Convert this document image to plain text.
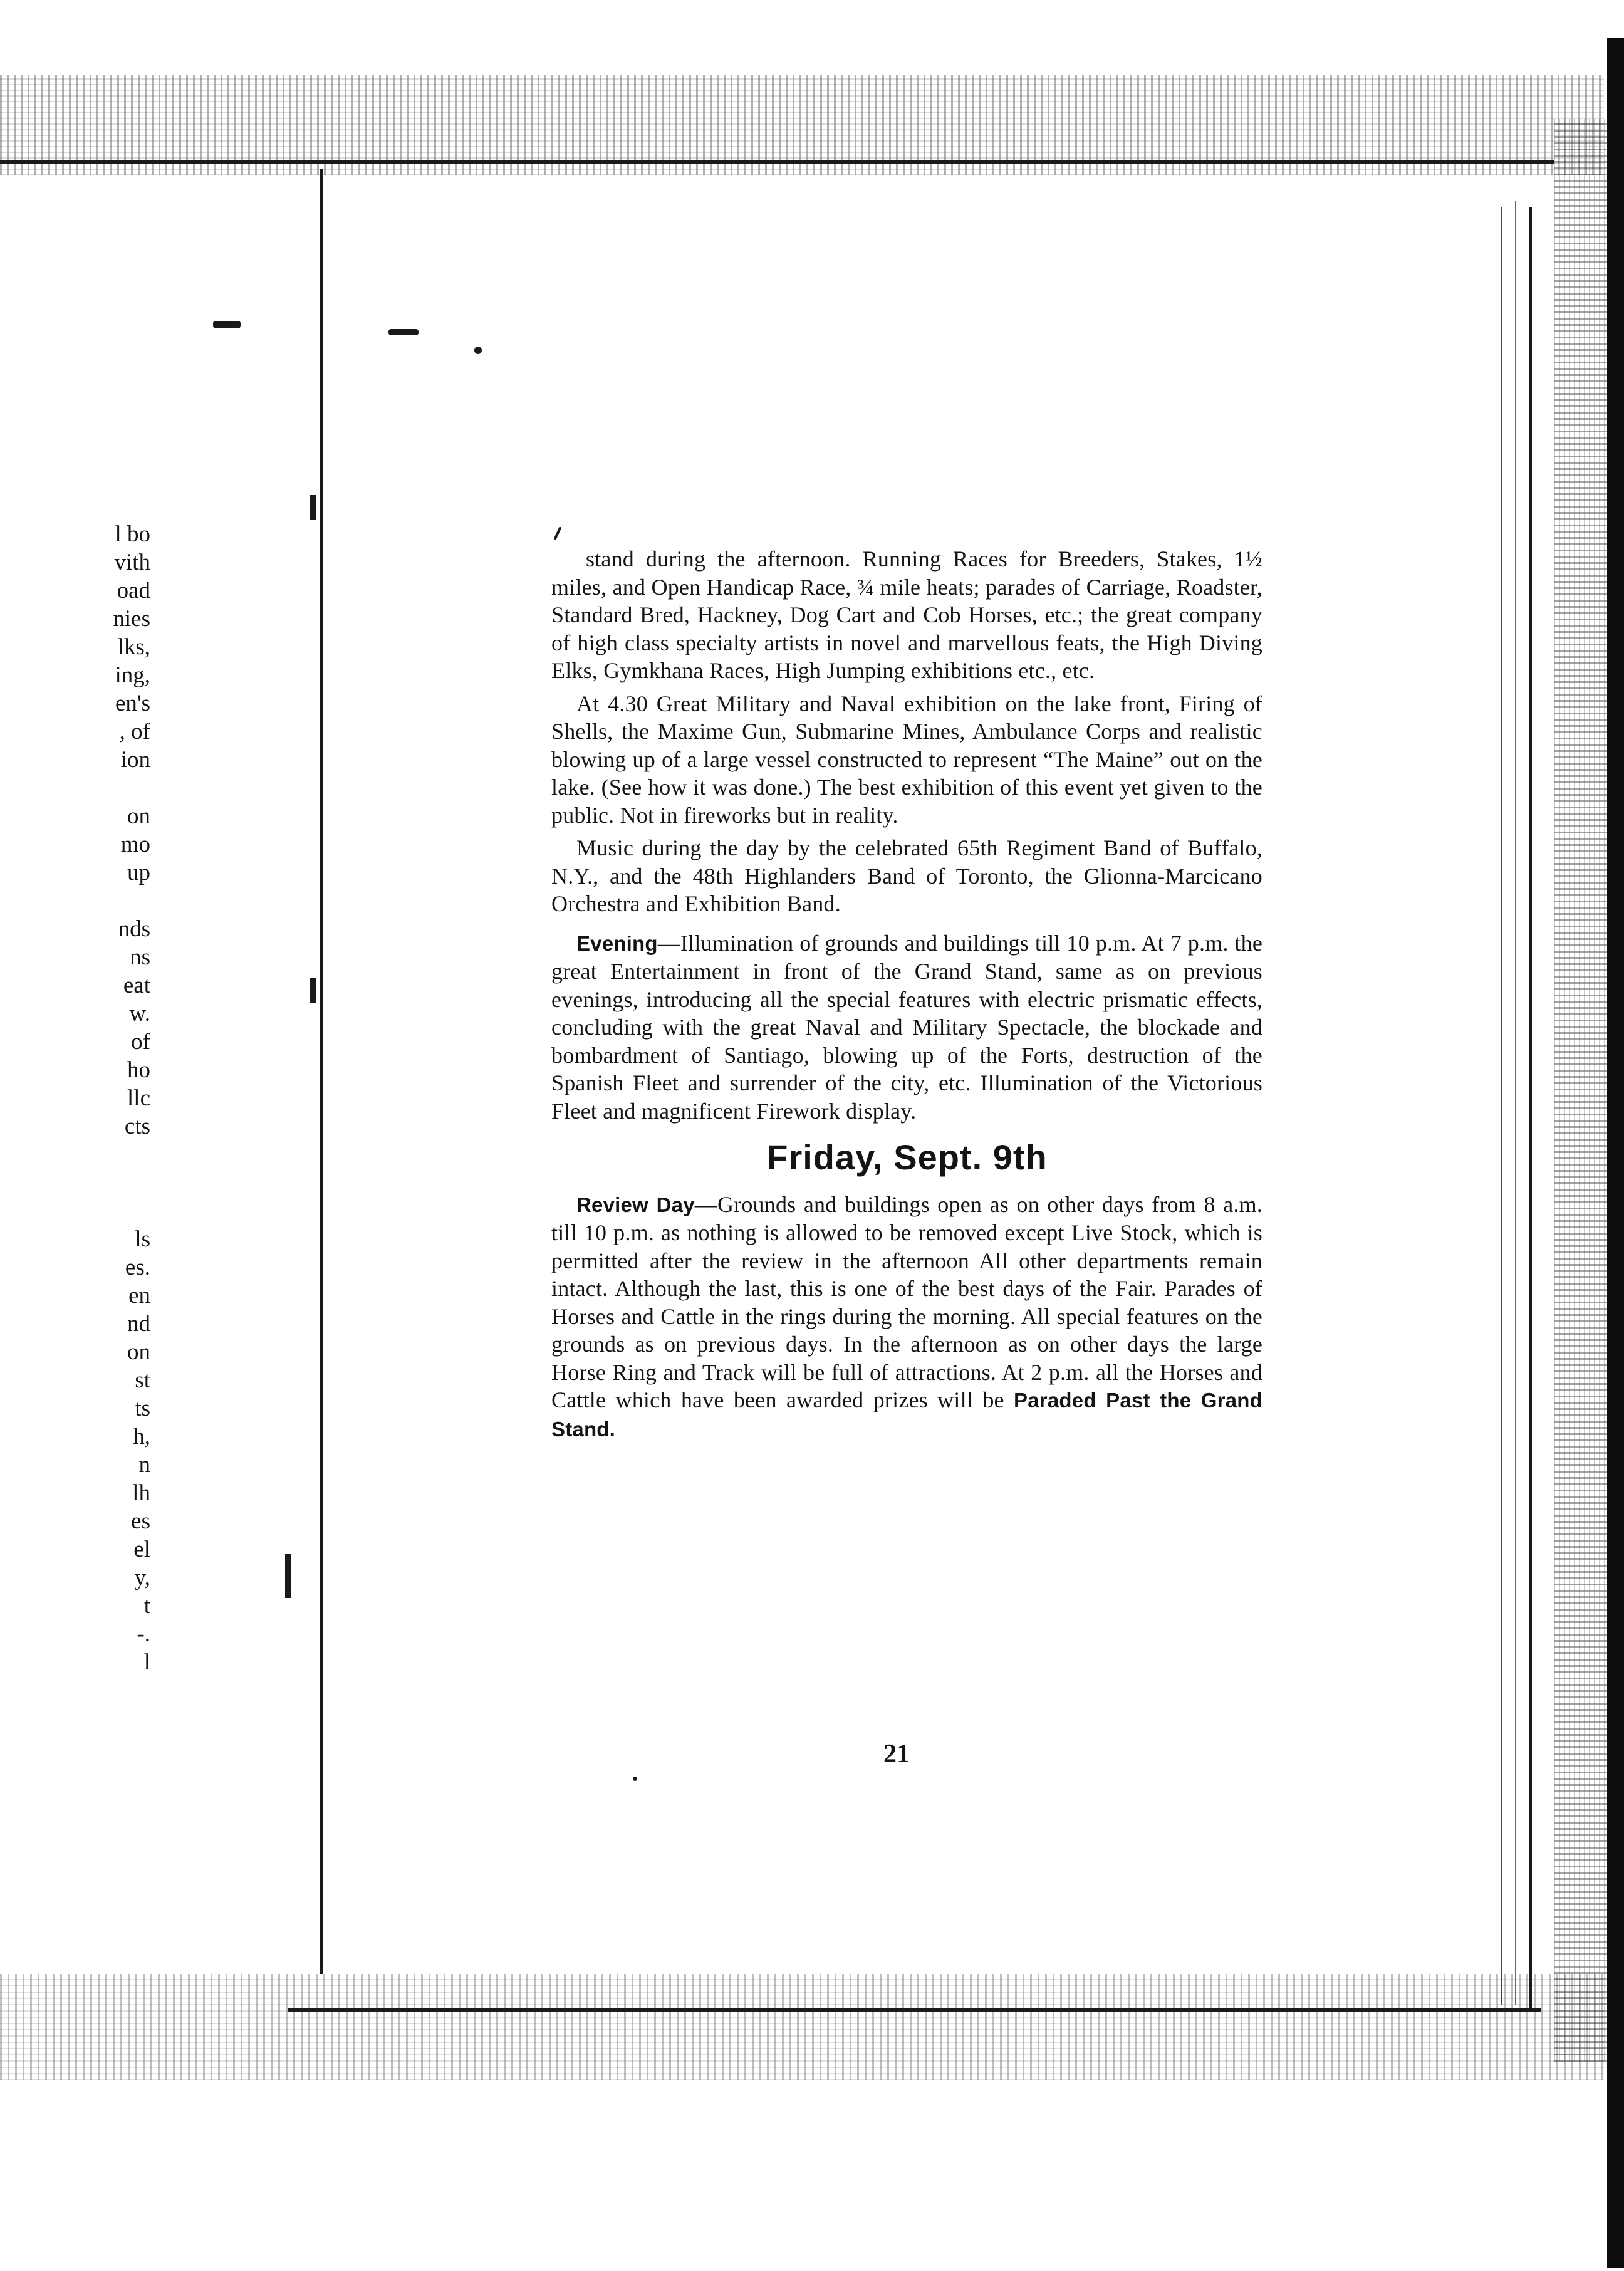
l bo
vith
oad
nies
lks,
ing,
en's
, of
ion
on
mo
up
nds
ns
eat
w.
of
ho
llc
cts
ls
es.
en
nd
on
st
ts
h,
n
lh
es
el
y,
t
-.
l

stand during the afternoon. Running Races for Breeders, Stakes, 1½ miles, and Open Handicap Race, ¾ mile heats; parades of Carriage, Roadster, Standard Bred, Hackney, Dog Cart and Cob Horses, etc.; the great company of high class specialty artists in novel and marvellous feats, the High Diving Elks, Gymkhana Races, High Jumping exhibitions etc., etc.

At 4.30 Great Military and Naval exhibition on the lake front, Firing of Shells, the Maxime Gun, Submarine Mines, Ambulance Corps and realistic blowing up of a large vessel constructed to represent “The Maine” out on the lake. (See how it was done.) The best exhibition of this event yet given to the public. Not in fireworks but in reality.

Music during the day by the celebrated 65th Regiment Band of Buffalo, N.Y., and the 48th Highlanders Band of Toronto, the Glionna-Marcicano Orchestra and Exhibition Band.

Evening—Illumination of grounds and buildings till 10 p.m. At 7 p.m. the great Entertainment in front of the Grand Stand, same as on previous evenings, introducing all the special features with electric prismatic effects, concluding with the great Naval and Military Spectacle, the blockade and bombardment of Santiago, blowing up of the Forts, destruction of the Spanish Fleet and surrender of the city, etc. Illumination of the Victorious Fleet and magnificent Firework display.

Friday, Sept. 9th

Review Day—Grounds and buildings open as on other days from 8 a.m. till 10 p.m. as nothing is allowed to be removed except Live Stock, which is permitted after the review in the afternoon All other departments remain intact. Although the last, this is one of the best days of the Fair. Parades of Horses and Cattle in the rings during the morning. All special features on the grounds as on previous days. In the afternoon as on other days the large Horse Ring and Track will be full of attractions. At 2 p.m. all the Horses and Cattle which have been awarded prizes will be Paraded Past the Grand Stand.

21
